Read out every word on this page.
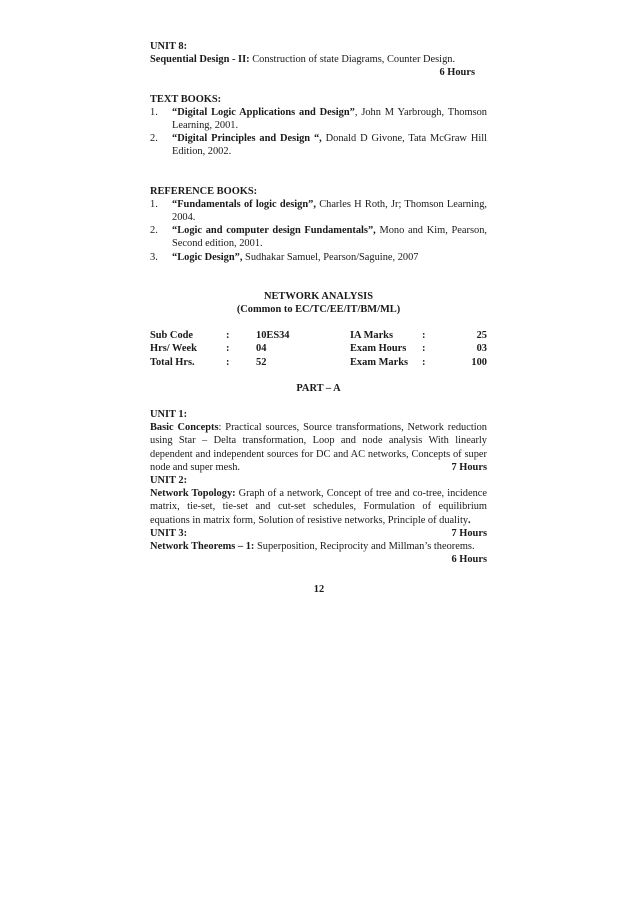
UNIT 8:

Sequential Design - II: Construction of state Diagrams, Counter Design.

6 Hours

TEXT BOOKS:

1. “Digital Logic Applications and Design”, John M Yarbrough, Thomson Learning, 2001.
2. “Digital Principles and Design “, Donald D Givone, Tata McGraw Hill Edition, 2002.

REFERENCE BOOKS:

1. “Fundamentals of logic design”, Charles H Roth, Jr; Thomson Learning, 2004.
2. “Logic and computer design Fundamentals”, Mono and Kim, Pearson, Second edition, 2001.
3. “Logic Design”, Sudhakar Samuel, Pearson/Saguine, 2007

NETWORK ANALYSIS

(Common to EC/TC/EE/IT/BM/ML)

Sub Code	:	10ES34	IA Marks	:	25
Hrs/ Week	:	04	Exam Hours	:	03
Total Hrs.	:	52	Exam Marks	:	100

PART – A

UNIT 1:

Basic Concepts: Practical sources, Source transformations, Network reduction using Star – Delta transformation, Loop and node analysis With linearly dependent and independent sources for DC and AC networks, Concepts of super node and super mesh.	7 Hours

UNIT 2:

Network Topology: Graph of a network, Concept of tree and co-tree, incidence matrix, tie-set, tie-set and cut-set schedules, Formulation of equilibrium equations in matrix form, Solution of resistive networks, Principle of duality.
7 Hours

UNIT 3:

Network Theorems – 1: Superposition, Reciprocity and Millman’s theorems.
6 Hours

12
